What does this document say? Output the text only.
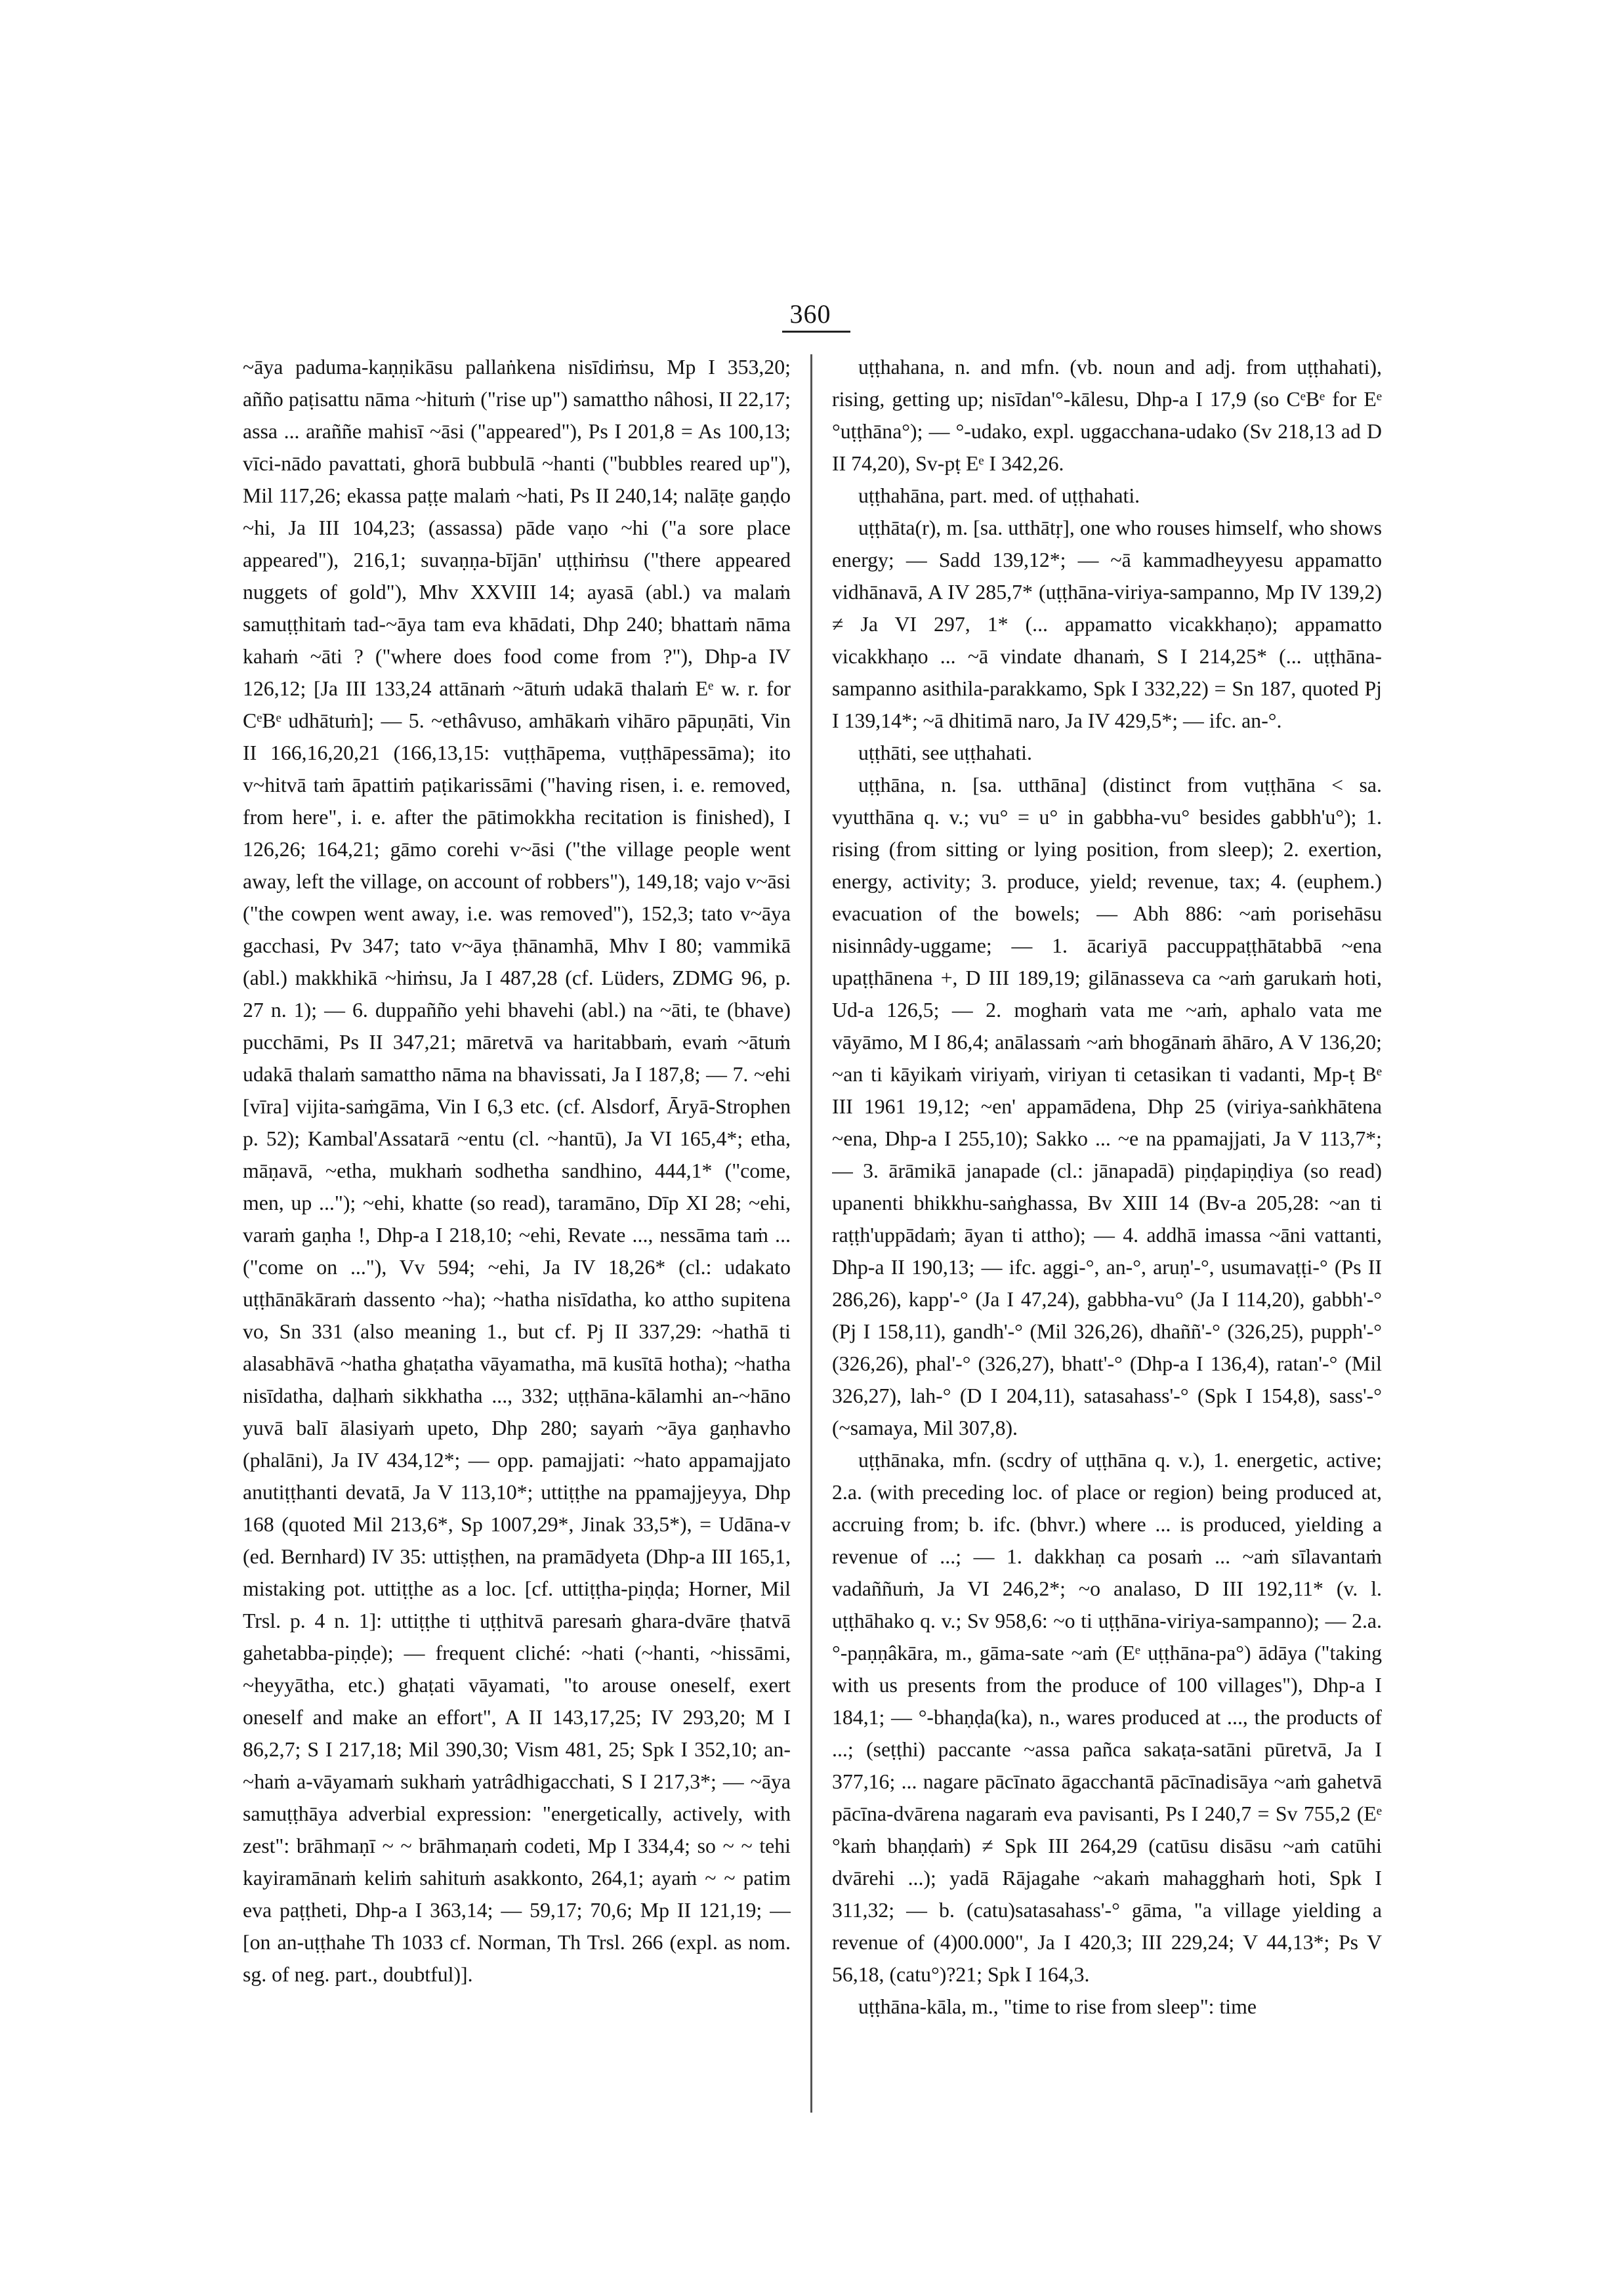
360

~āya paduma-kaṇṇikāsu pallaṅkena nisīdiṁsu, Mp I 353,20; añño paṭisattu nāma ~hituṁ ("rise up") samattho nâhosi, II 22,17; assa ... araññe mahisī ~āsi ("appeared"), Ps I 201,8 = As 100,13; vīci-nādo pavattati, ghorā bubbulā ~hanti ("bubbles reared up"), Mil 117,26; ekassa paṭṭe malaṁ ~hati, Ps II 240,14; nalāṭe gaṇḍo ~hi, Ja III 104,23; (assassa) pāde vaṇo ~hi ("a sore place appeared"), 216,1; suvaṇṇa-bījān' uṭṭhiṁsu ("there appeared nuggets of gold"), Mhv XXVIII 14; ayasā (abl.) va malaṁ samuṭṭhitaṁ tad-~āya tam eva khādati, Dhp 240; bhattaṁ nāma kahaṁ ~āti ? ("where does food come from ?"), Dhp-a IV 126,12; [Ja III 133,24 attānaṁ ~ātuṁ udakā thalaṁ Eᵉ w. r. for CᵉBᵉ udhātuṁ]; — 5. ~ethâvuso, amhākaṁ vihāro pāpuṇāti, Vin II 166,16,20,21 (166,13,15: vuṭṭhāpema, vuṭṭhāpessāma); ito v~hitvā taṁ āpattiṁ paṭikarissāmi ("having risen, i. e. removed, from here", i. e. after the pātimokkha recitation is finished), I 126,26; 164,21; gāmo corehi v~āsi ("the village people went away, left the village, on account of robbers"), 149,18; vajo v~āsi ("the cowpen went away, i.e. was removed"), 152,3; tato v~āya gacchasi, Pv 347; tato v~āya ṭhānamhā, Mhv I 80; vammikā (abl.) makkhikā ~hiṁsu, Ja I 487,28 (cf. Lüders, ZDMG 96, p. 27 n. 1); — 6. duppañño yehi bhavehi (abl.) na ~āti, te (bhave) pucchāmi, Ps II 347,21; māretvā va haritabbaṁ, evaṁ ~ātuṁ udakā thalaṁ samattho nāma na bhavissati, Ja I 187,8; — 7. ~ehi [vīra] vijita-saṁgāma, Vin I 6,3 etc. (cf. Alsdorf, Āryā-Strophen p. 52); Kambal'Assatarā ~entu (cl. ~hantū), Ja VI 165,4*; etha, māṇavā, ~etha, mukhaṁ sodhetha sandhino, 444,1* ("come, men, up ..."); ~ehi, khatte (so read), taramāno, Dīp XI 28; ~ehi, varaṁ gaṇha !, Dhp-a I 218,10; ~ehi, Revate ..., nessāma taṁ ... ("come on ..."), Vv 594; ~ehi, Ja IV 18,26* (cl.: udakato uṭṭhānākāraṁ dassento ~ha); ~hatha nisīdatha, ko attho supitena vo, Sn 331 (also meaning 1., but cf. Pj II 337,29: ~hathā ti alasabhāvā ~hatha ghaṭatha vāyamatha, mā kusītā hotha); ~hatha nisīdatha, daḷhaṁ sikkhatha ..., 332; uṭṭhāna-kālamhi an-~hāno yuvā balī ālasiyaṁ upeto, Dhp 280; sayaṁ ~āya gaṇhavho (phalāni), Ja IV 434,12*; — opp. pamajjati: ~hato appamajjato anutiṭṭhanti devatā, Ja V 113,10*; uttiṭṭhe na ppamajjeyya, Dhp 168 (quoted Mil 213,6*, Sp 1007,29*, Jinak 33,5*), = Udāna-v (ed. Bernhard) IV 35: uttiṣṭhen, na pramādyeta (Dhp-a III 165,1, mistaking pot. uttiṭṭhe as a loc. [cf. uttiṭṭha-piṇḍa; Horner, Mil Trsl. p. 4 n. 1]: uttiṭṭhe ti uṭṭhitvā paresaṁ ghara-dvāre ṭhatvā gahetabba-piṇḍe); — frequent cliché: ~hati (~hanti, ~hissāmi, ~heyyātha, etc.) ghaṭati vāyamati, "to arouse oneself, exert oneself and make an effort", A II 143,17,25; IV 293,20; M I 86,2,7; S I 217,18; Mil 390,30; Vism 481, 25; Spk I 352,10; an-~haṁ a-vāyamaṁ sukhaṁ yatrâdhigacchati, S I 217,3*; — ~āya samuṭṭhāya adverbial expression: "energetically, actively, with zest": brāhmaṇī ~ ~ brāhmaṇaṁ codeti, Mp I 334,4; so ~ ~ tehi kayiramānaṁ keliṁ sahituṁ asakkonto, 264,1; ayaṁ ~ ~ patim eva paṭṭheti, Dhp-a I 363,14; — 59,17; 70,6; Mp II 121,19; — [on an-uṭṭhahe Th 1033 cf. Norman, Th Trsl. 266 (expl. as nom. sg. of neg. part., doubtful)].

uṭṭhahana, n. and mfn. (vb. noun and adj. from uṭṭhahati), rising, getting up; nisīdan'°-kālesu, Dhp-a I 17,9 (so CᵉBᵉ for Eᵉ °uṭṭhāna°); — °-udako, expl. uggacchana-udako (Sv 218,13 ad D II 74,20), Sv-pṭ Eᵉ I 342,26.

uṭṭhahāna, part. med. of uṭṭhahati.

uṭṭhāta(r), m. [sa. utthātṛ], one who rouses himself, who shows energy; — Sadd 139,12*; — ~ā kammadheyyesu appamatto vidhānavā, A IV 285,7* (uṭṭhāna-viriya-sampanno, Mp IV 139,2) ≠ Ja VI 297, 1* (... appamatto vicakkhaṇo); appamatto vicakkhaṇo ... ~ā vindate dhanaṁ, S I 214,25* (... uṭṭhāna-sampanno asithila-parakkamo, Spk I 332,22) = Sn 187, quoted Pj I 139,14*; ~ā dhitimā naro, Ja IV 429,5*; — ifc. an-°.

uṭṭhāti, see uṭṭhahati.

uṭṭhāna, n. [sa. utthāna] (distinct from vuṭṭhāna < sa. vyutthāna q. v.; vu° = u° in gabbha-vu° besides gabbh'u°); 1. rising (from sitting or lying position, from sleep); 2. exertion, energy, activity; 3. produce, yield; revenue, tax; 4. (euphem.) evacuation of the bowels; — Abh 886: ~aṁ porisehāsu nisinnâdy-uggame; — 1. ācariyā paccuppaṭṭhātabbā ~ena upaṭṭhānena +, D III 189,19; gilānasseva ca ~aṁ garukaṁ hoti, Ud-a 126,5; — 2. moghaṁ vata me ~aṁ, aphalo vata me vāyāmo, M I 86,4; anālassaṁ ~aṁ bhogānaṁ āhāro, A V 136,20; ~an ti kāyikaṁ viriyaṁ, viriyan ti cetasikan ti vadanti, Mp-ṭ Bᵉ III 1961 19,12; ~en' appamādena, Dhp 25 (viriya-saṅkhātena ~ena, Dhp-a I 255,10); Sakko ... ~e na ppamajjati, Ja V 113,7*; — 3. ārāmikā janapade (cl.: jānapadā) piṇḍapiṇḍiya (so read) upanenti bhikkhu-saṅghassa, Bv XIII 14 (Bv-a 205,28: ~an ti raṭṭh'uppādaṁ; āyan ti attho); — 4. addhā imassa ~āni vattanti, Dhp-a II 190,13; — ifc. aggi-°, an-°, aruṇ'-°, usumavaṭṭi-° (Ps II 286,26), kapp'-° (Ja I 47,24), gabbha-vu° (Ja I 114,20), gabbh'-° (Pj I 158,11), gandh'-° (Mil 326,26), dhaññ'-° (326,25), pupph'-° (326,26), phal'-° (326,27), bhatt'-° (Dhp-a I 136,4), ratan'-° (Mil 326,27), lah-° (D I 204,11), satasahass'-° (Spk I 154,8), sass'-° (~samaya, Mil 307,8).

uṭṭhānaka, mfn. (scdry of uṭṭhāna q. v.), 1. energetic, active; 2.a. (with preceding loc. of place or region) being produced at, accruing from; b. ifc. (bhvr.) where ... is produced, yielding a revenue of ...; — 1. dakkhaṇ ca posaṁ ... ~aṁ sīlavantaṁ vadaññuṁ, Ja VI 246,2*; ~o analaso, D III 192,11* (v. l. uṭṭhāhako q. v.; Sv 958,6: ~o ti uṭṭhāna-viriya-sampanno); — 2.a. °-paṇṇâkāra, m., gāma-sate ~aṁ (Eᵉ uṭṭhāna-pa°) ādāya ("taking with us presents from the produce of 100 villages"), Dhp-a I 184,1; — °-bhaṇḍa(ka), n., wares produced at ..., the products of ...; (seṭṭhi) paccante ~assa pañca sakaṭa-satāni pūretvā, Ja I 377,16; ... nagare pācīnato āgacchantā pācīnadisāya ~aṁ gahetvā pācīna-dvārena nagaraṁ eva pavisanti, Ps I 240,7 = Sv 755,2 (Eᵉ °kaṁ bhaṇḍaṁ) ≠ Spk III 264,29 (catūsu disāsu ~aṁ catūhi dvārehi ...); yadā Rājagahe ~akaṁ mahagghaṁ hoti, Spk I 311,32; — b. (catu)satasahass'-° gāma, "a village yielding a revenue of (4)00.000", Ja I 420,3; III 229,24; V 44,13*; Ps V 56,18, (catu°)?21; Spk I 164,3.

uṭṭhāna-kāla, m., "time to rise from sleep": time
